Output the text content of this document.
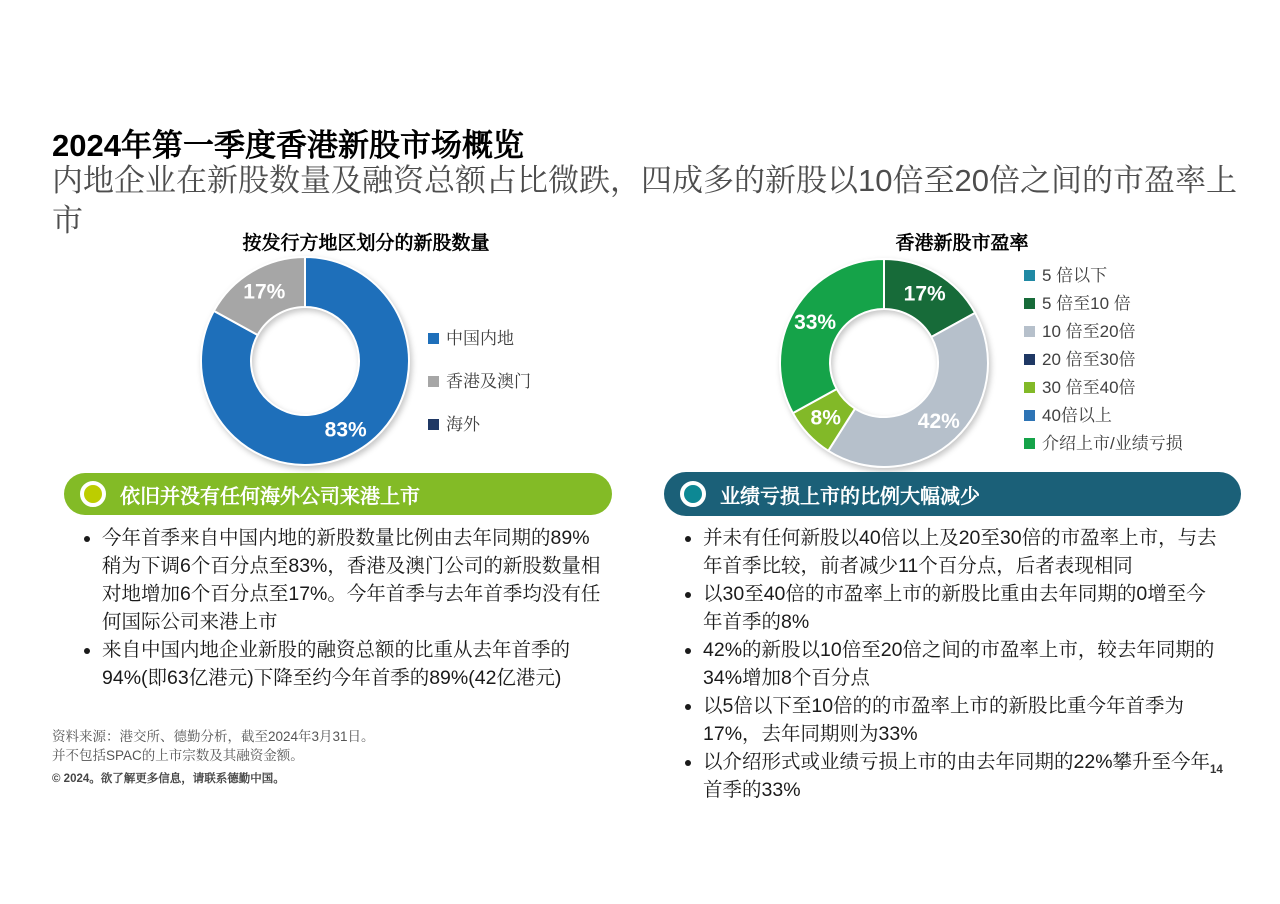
2024年第一季度香港新股市场概览
内地企业在新股数量及融资总额占比微跌，四成多的新股以10倍至20倍之间的市盈率上市
按发行方地区划分的新股数量	香港新股市盈率
83%
17%	17%
42%
8%
33%
中国内地
香港及澳门
海外
5 倍以下
5 倍至10 倍
10 倍至20倍
20 倍至30倍
30 倍至40倍
40倍以上
介绍上市/业绩亏损
依旧并没有任何海外公司来港上市	业绩亏损上市的比例大幅减少
• 今年首季来自中国内地的新股数量比例由去年同期的89%稍为下调6个百分点至83%，香港及澳门公司的新股数量相对地增加6个百分点至17%。今年首季与去年首季均没有任何国际公司来港上市
• 来自中国内地企业新股的融资总额的比重从去年首季的94%(即63亿港元)下降至约今年首季的89%(42亿港元)
• 并未有任何新股以40倍以上及20至30倍的市盈率上市，与去年首季比较，前者减少11个百分点，后者表现相同
• 以30至40倍的市盈率上市的新股比重由去年同期的0增至今年首季的8%
• 42%的新股以10倍至20倍之间的市盈率上市，较去年同期的34%增加8个百分点
• 以5倍以下至10倍的的市盈率上市的新股比重今年首季为17%，去年同期则为33%
• 以介绍形式或业绩亏损上市的由去年同期的22%攀升至今年首季的33%
资料来源：港交所、德勤分析，截至2024年3月31日。
并不包括SPAC的上市宗数及其融资金额。
© 2024。欲了解更多信息，请联系德勤中国。
14
